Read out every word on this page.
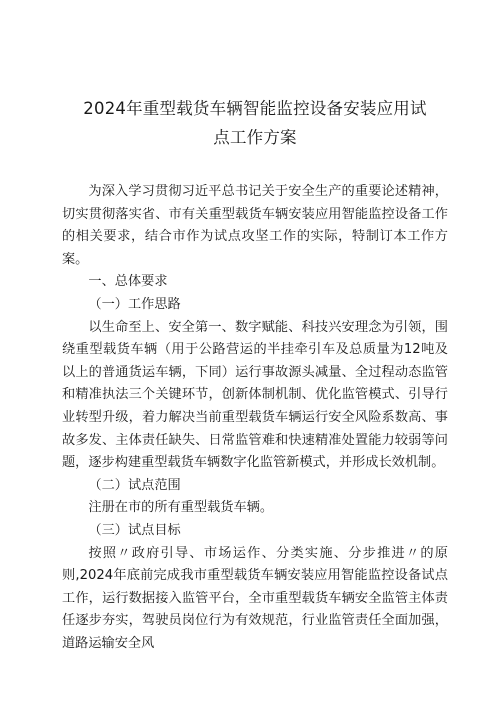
2024年重型载货车辆智能监控设备安装应用试
点工作方案

为深入学习贯彻习近平总书记关于安全生产的重要论述精神，切实贯彻落实省、市有关重型载货车辆安装应用智能监控设备工作的相关要求，结合市作为试点攻坚工作的实际，特制订本工作方案。

一、总体要求

（一）工作思路

以生命至上、安全第一、数字赋能、科技兴安理念为引领，围绕重型载货车辆（用于公路营运的半挂牵引车及总质量为12吨及以上的普通货运车辆，下同）运行事故源头减量、全过程动态监管和精准执法三个关键环节，创新体制机制、优化监管模式、引导行业转型升级，着力解决当前重型载货车辆运行安全风险系数高、事故多发、主体责任缺失、日常监管难和快速精准处置能力较弱等问题，逐步构建重型载货车辆数字化监管新模式，并形成长效机制。

（二）试点范围

注册在市的所有重型载货车辆。

（三）试点目标

按照〃政府引导、市场运作、分类实施、分步推进〃的原则,2024年底前完成我市重型载货车辆安装应用智能监控设备试点工作，运行数据接入监管平台，全市重型载货车辆安全监管主体责任逐步夯实，驾驶员岗位行为有效规范，行业监管责任全面加强，道路运输安全风
